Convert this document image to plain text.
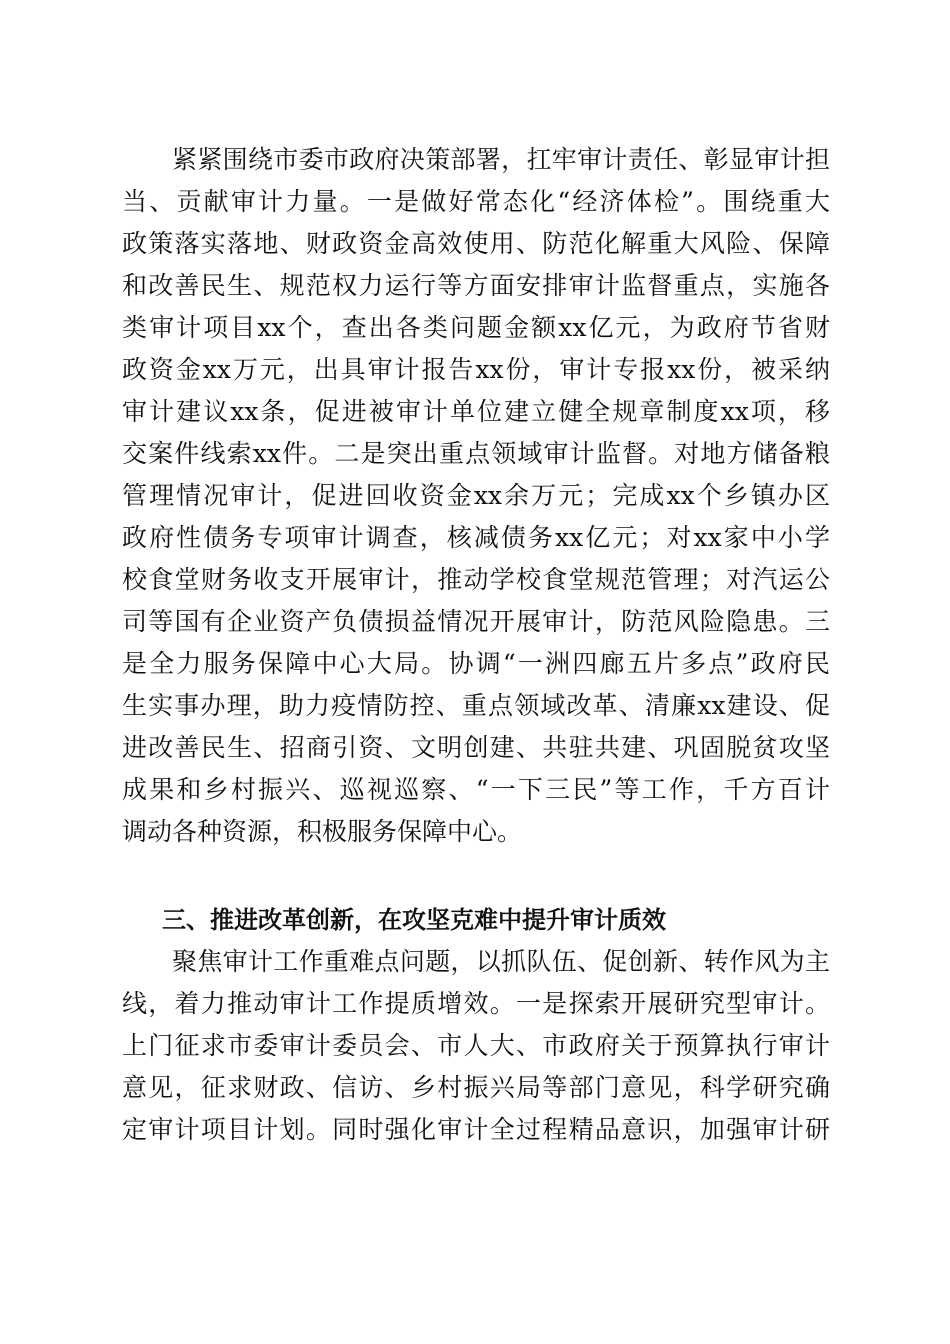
紧紧围绕市委市政府决策部署，扛牢审计责任、彰显审计担
当、贡献审计力量。一是做好常态化“经济体检”。围绕重大
政策落实落地、财政资金高效使用、防范化解重大风险、保障
和改善民生、规范权力运行等方面安排审计监督重点，实施各
类审计项目xx个，查出各类问题金额xx亿元，为政府节省财
政资金xx万元，出具审计报告xx份，审计专报xx份，被采纳
审计建议xx条，促进被审计单位建立健全规章制度xx项，移
交案件线索xx件。二是突出重点领域审计监督。对地方储备粮
管理情况审计，促进回收资金xx余万元；完成xx个乡镇办区
政府性债务专项审计调查，核减债务xx亿元；对xx家中小学
校食堂财务收支开展审计，推动学校食堂规范管理；对汽运公
司等国有企业资产负债损益情况开展审计，防范风险隐患。三
是全力服务保障中心大局。协调“一洲四廊五片多点”政府民
生实事办理，助力疫情防控、重点领域改革、清廉xx建设、促
进改善民生、招商引资、文明创建、共驻共建、巩固脱贫攻坚
成果和乡村振兴、巡视巡察、“一下三民”等工作，千方百计
调动各种资源，积极服务保障中心。
三、推进改革创新，在攻坚克难中提升审计质效
聚焦审计工作重难点问题，以抓队伍、促创新、转作风为主
线，着力推动审计工作提质增效。一是探索开展研究型审计。
上门征求市委审计委员会、市人大、市政府关于预算执行审计
意见，征求财政、信访、乡村振兴局等部门意见，科学研究确
定审计项目计划。同时强化审计全过程精品意识，加强审计研
